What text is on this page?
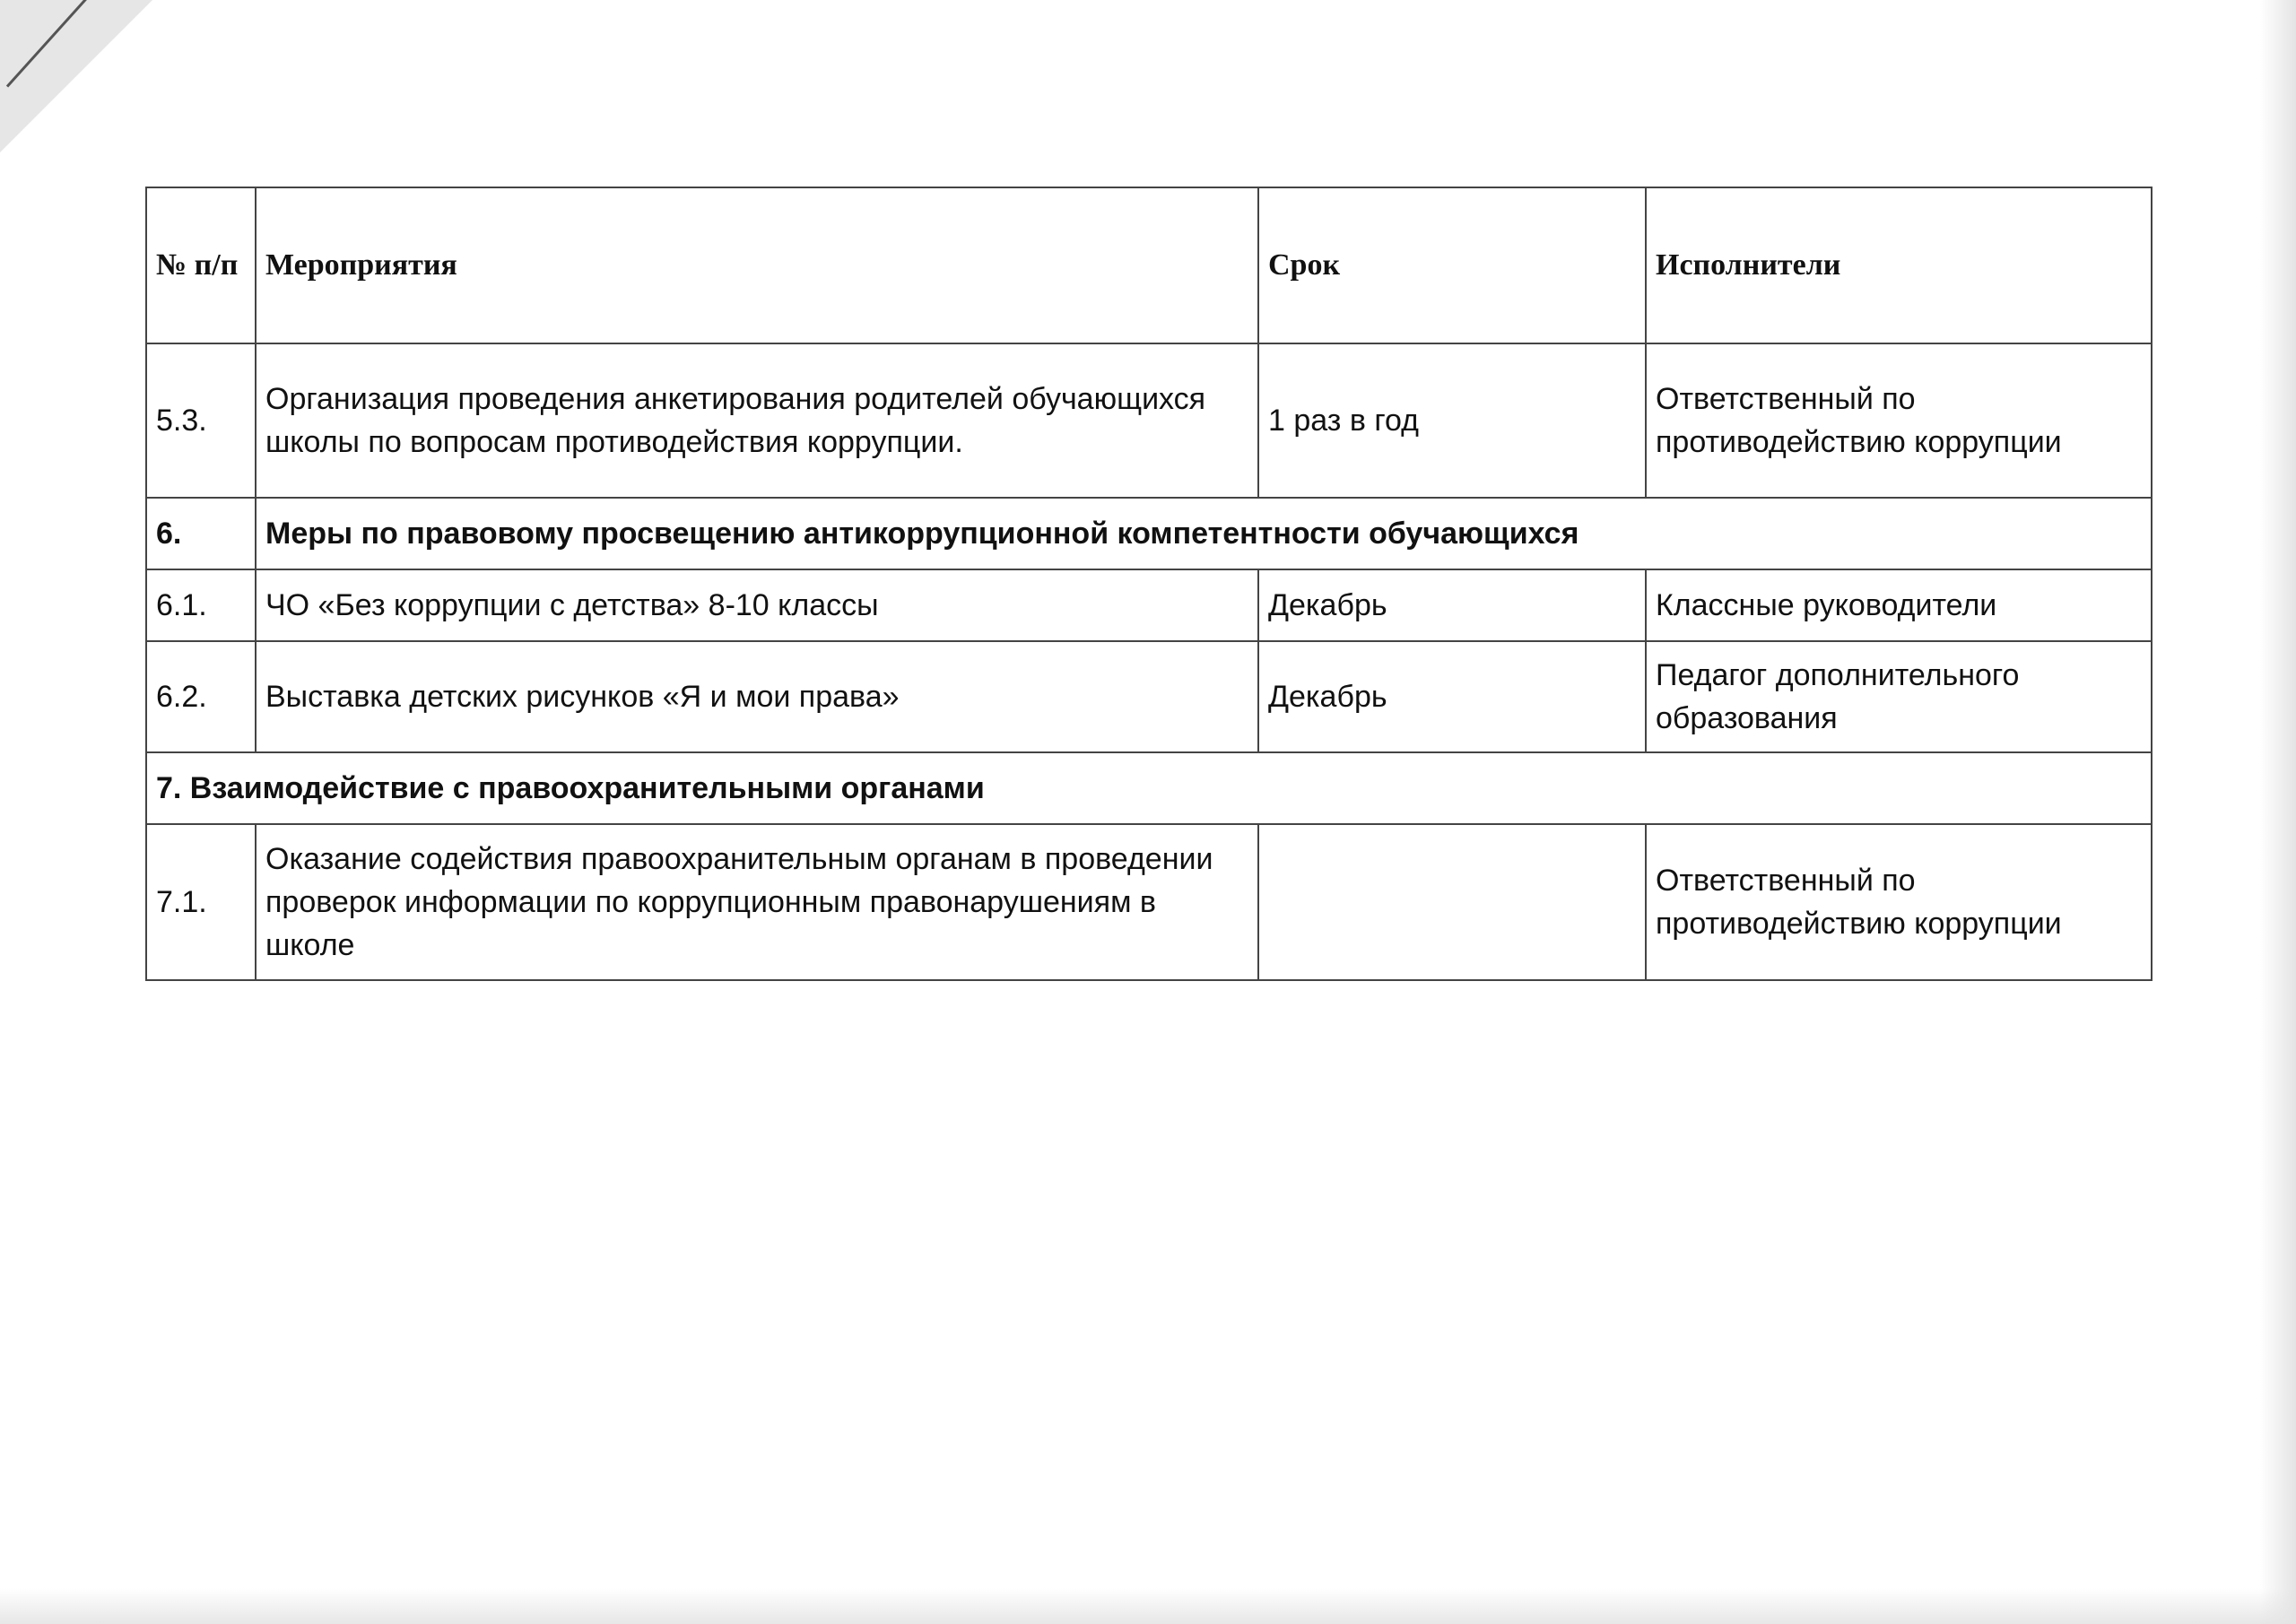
№ п/п	Мероприятия	Срок	Исполнители
5.3.	Организация проведения анкетирования родителей обучающихся школы по вопросам противодействия коррупции.	1 раз в год	Ответственный по противодействию коррупции
6.	Меры по правовому просвещению антикоррупционной компетентности обучающихся		
6.1.	ЧО «Без коррупции с детства» 8-10 классы	Декабрь	Классные руководители
6.2.	Выставка детских рисунков «Я и мои права»	Декабрь	Педагог дополнительного образования
7. Взаимодействие с правоохранительными органами			
7.1.	Оказание содействия правоохранительным органам в проведении проверок информации по коррупционным правонарушениям в школе		Ответственный по противодействию коррупции
